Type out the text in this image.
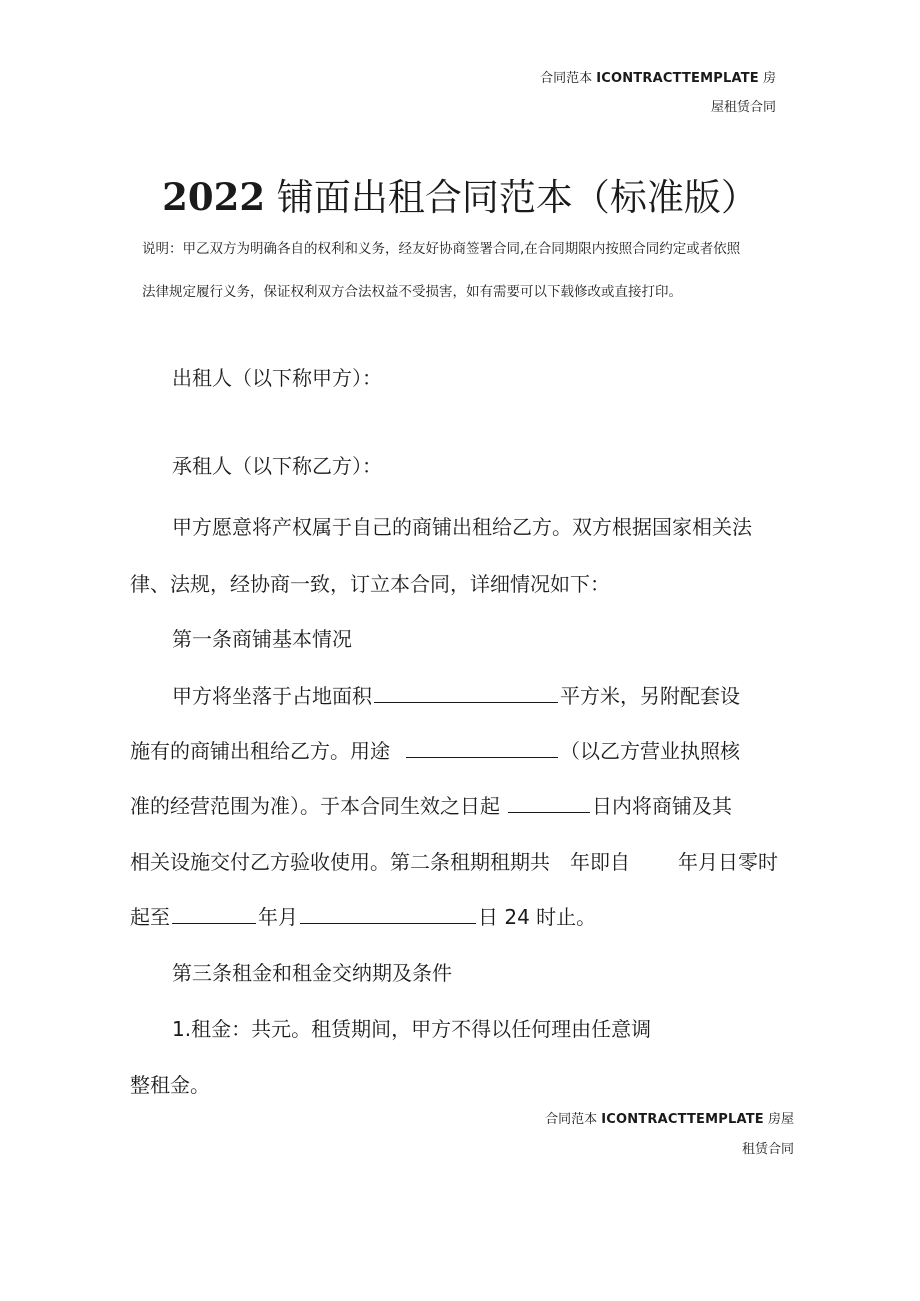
合同范本 ICONTRACTTEMPLATE 房
屋租赁合同
2022 铺面出租合同范本（标准版）
说明：甲乙双方为明确各自的权利和义务，经友好协商签署合同,在合同期限内按照合同约定或者依照
法律规定履行义务，保证权利双方合法权益不受损害，如有需要可以下载修改或直接打印。
出租人（以下称甲方）：
承租人（以下称乙方）：
甲方愿意将产权属于自己的商铺出租给乙方。双方根据国家相关法
律、法规，经协商一致，订立本合同，详细情况如下：
第一条商铺基本情况
甲方将坐落于占地面积	平方米，另附配套设
施有的商铺出租给乙方。用途	（以乙方营业执照核
准的经营范围为准）。于本合同生效之日起	日内将商铺及其
相关设施交付乙方验收使用。第二条租期租期共 年即自 年月日零时
起至	年月	日 24 时止。
第三条租金和租金交纳期及条件
1.租金：共元。租赁期间，甲方不得以任何理由任意调
整租金。
合同范本 ICONTRACTTEMPLATE 房屋
租赁合同
